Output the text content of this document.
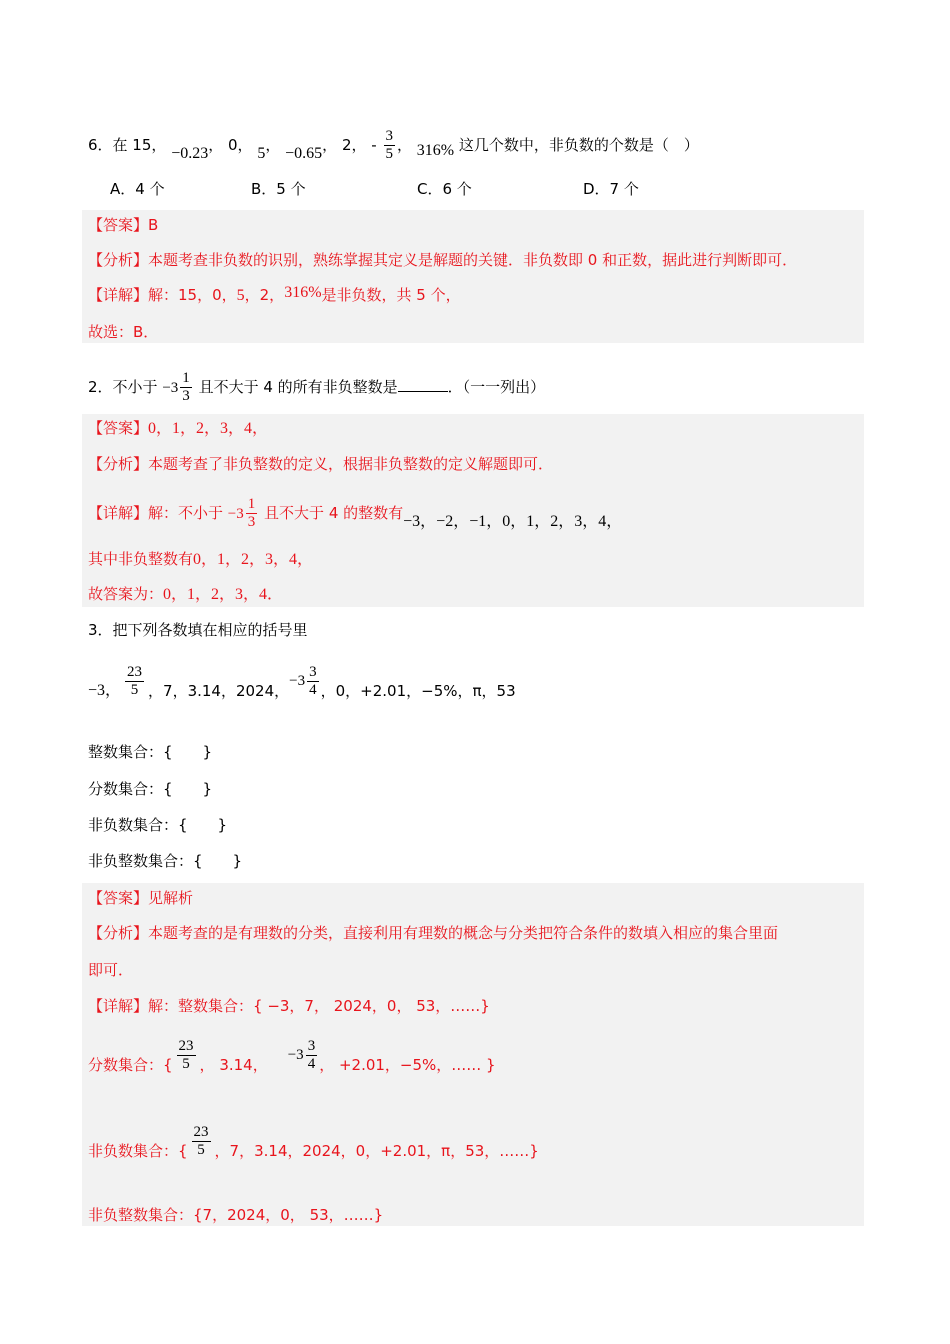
6．在 15， −0.23， 0， 5， −0.65， 2， - $\frac{3}{5}$ ， 316% 这几个数中，非负数的个数是（　）
A．4 个	B．5 个	C．6 个	D．7 个
【答案】B
【分析】本题考查非负数的识别，熟练掌握其定义是解题的关键．非负数即 0 和正数，据此进行判断即可．
【详解】解：15，0，5，2，316%是非负数，共 5 个，
故选：B．
2．不小于 $-3 \frac{1}{3}$ 且不大于 4 的所有非负整数是	．（一一列出）
【答案】0，1，2，3，4，
【分析】本题考查了非负整数的定义，根据非负整数的定义解题即可．
【详解】解：不小于 $-3 \frac{1}{3}$ 且不大于 4 的整数有−3，−2，−1，0，1，2，3，4，
其中非负整数有0，1，2，3，4，
故答案为：0，1，2，3，4．
3．把下列各数填在相应的括号里
−3， $\frac{23}{5}$ ，7，3.14，2024，
$-3 \frac{3}{4}$ ，0，+2.01，−5%，π，53
整数集合：{　　}
分数集合：{　　}
非负数集合：{　　}
非负整数集合：{　　}
【答案】见解析
【分析】本题考查的是有理数的分类，直接利用有理数的概念与分类把符合条件的数填入相应的集合里面
即可．
【详解】解：整数集合：{ −3，7， 2024，0， 53，……}
分数集合：{ $\frac{23}{5}$ ， 3.14，
$-3 \frac{3}{4}$ ， +2.01，−5%，…… }
非负数集合：{ $\frac{23}{5}$ ，7，3.14，2024，0，+2.01，π，53，……}
非负整数集合：{7，2024，0， 53，……}
